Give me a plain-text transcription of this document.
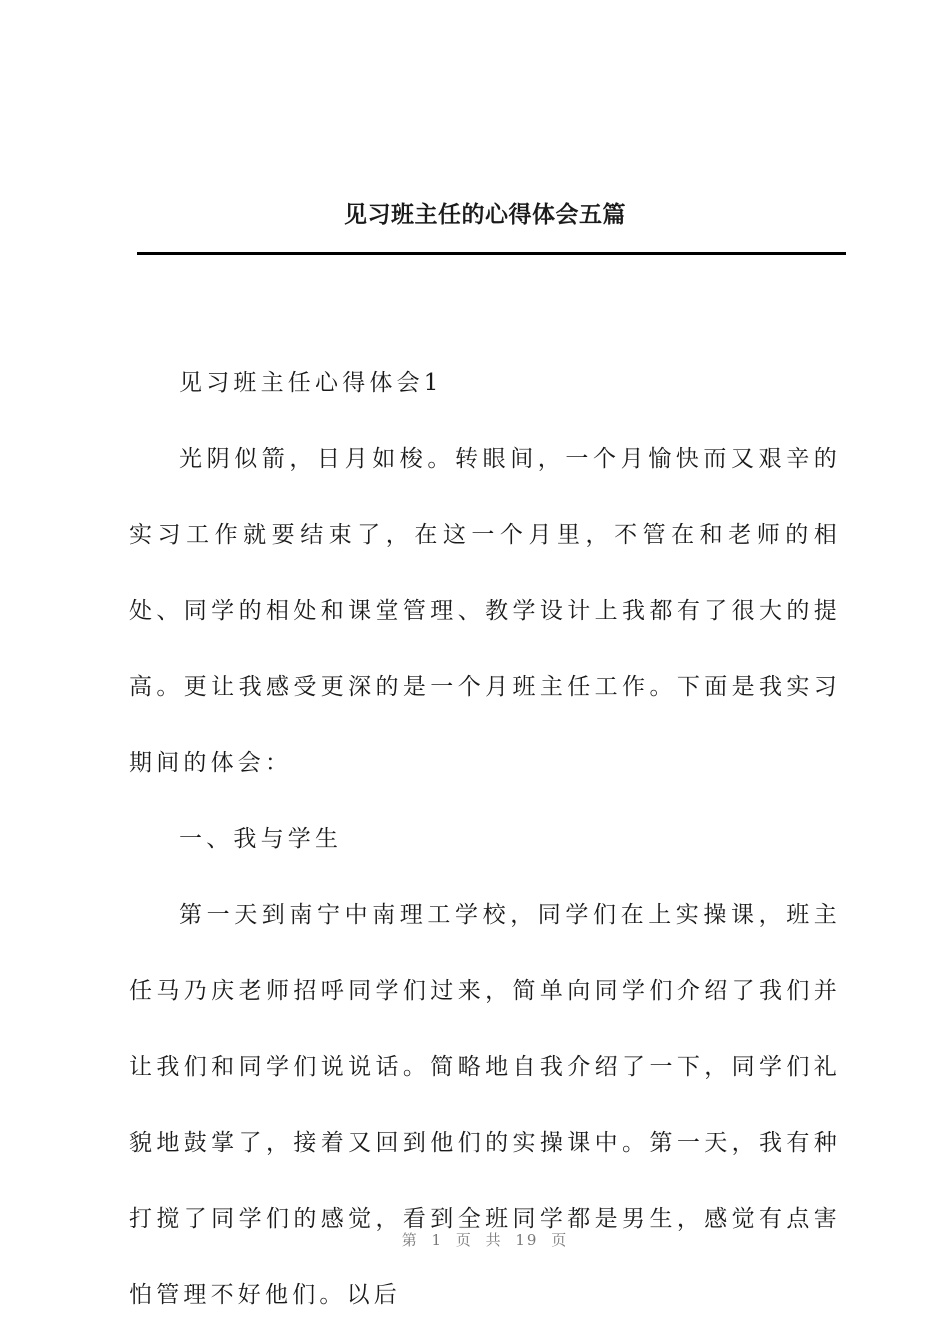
见习班主任的心得体会五篇

见习班主任心得体会1

光阴似箭，日月如梭。转眼间，一个月愉快而又艰辛的实习工作就要结束了，在这一个月里，不管在和老师的相处、同学的相处和课堂管理、教学设计上我都有了很大的提高。更让我感受更深的是一个月班主任工作。下面是我实习期间的体会：

一、我与学生

第一天到南宁中南理工学校，同学们在上实操课，班主任马乃庆老师招呼同学们过来，简单向同学们介绍了我们并让我们和同学们说说话。简略地自我介绍了一下，同学们礼貌地鼓掌了，接着又回到他们的实操课中。第一天，我有种打搅了同学们的感觉，看到全班同学都是男生，感觉有点害怕管理不好他们。以后

第 1 页 共 19 页
